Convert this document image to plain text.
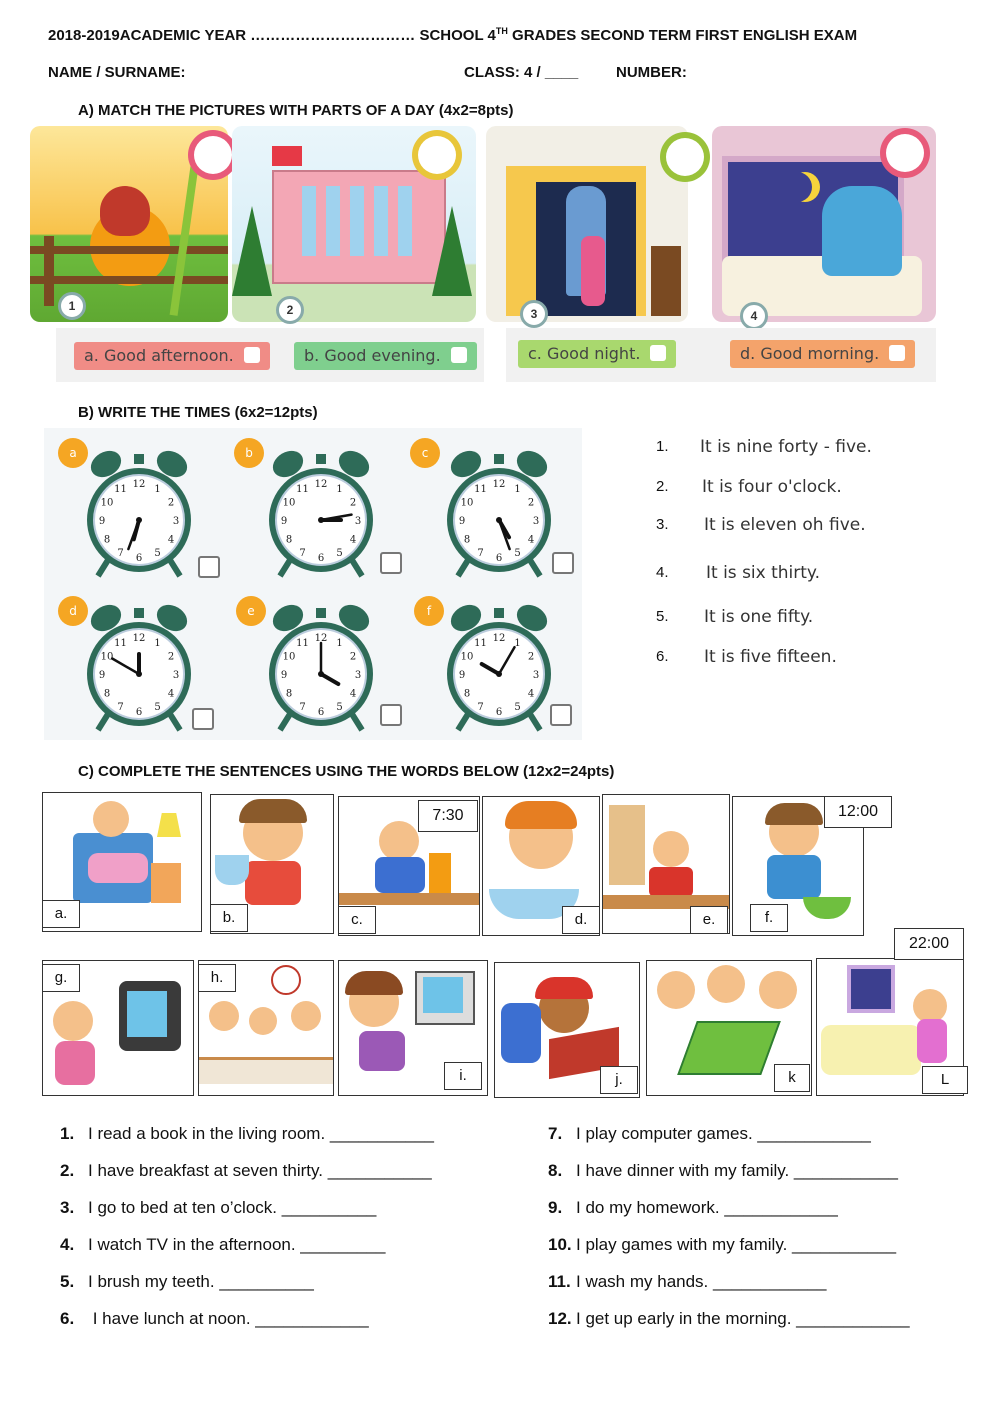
2018-2019ACADEMIC YEAR …………………………… SCHOOL 4TH GRADES SECOND TERM FIRST ENGLISH EXAM
NAME / SURNAME:	CLASS: 4 / ____	NUMBER:
A) MATCH THE PICTURES WITH PARTS OF A DAY (4x2=8pts)
1	2	3	4
a. Good afternoon.	b. Good evening.	c. Good night.	d. Good morning.
B) WRITE THE TIMES (6x2=12pts)
1
2
3
4
5
6
7
8
9
10
11 12
a
1
2
3
4
5
6
7
8
9
10
11 12
b
1
2
3
4
5
6
7
8
9
10
11 12
c
1
2
3
4
5
6
7
8
9
10
11 12
d
1
2
3
4
5
6
7
8
9
10
11 12
e
1
2
3
4
5
6
7
8
9
10
11 12
f
1. It is nine forty - five.
2. It is four o'clock.
3. It is eleven oh five.
4. It is six thirty.
5. It is one fifty.
6. It is five fifteen.
C) COMPLETE THE SENTENCES USING THE WORDS BELOW (12x2=24pts)
a.	b.
7:30
c.	d.	e.
12:00
f.
g.	h.
i.	j.	k
22:00
L
1. I read a book in the living room. ___________
2. I have breakfast at seven thirty. ___________
3. I go to bed at ten o’clock. __________
4. I watch TV in the afternoon. _________
5. I brush my teeth. __________
6. I have lunch at noon. ____________
7. I play computer games. ____________
8. I have dinner with my family. ___________
9. I do my homework. ____________
10. I play games with my family. ___________
11. I wash my hands. ____________
12. I get up early in the morning. ____________
